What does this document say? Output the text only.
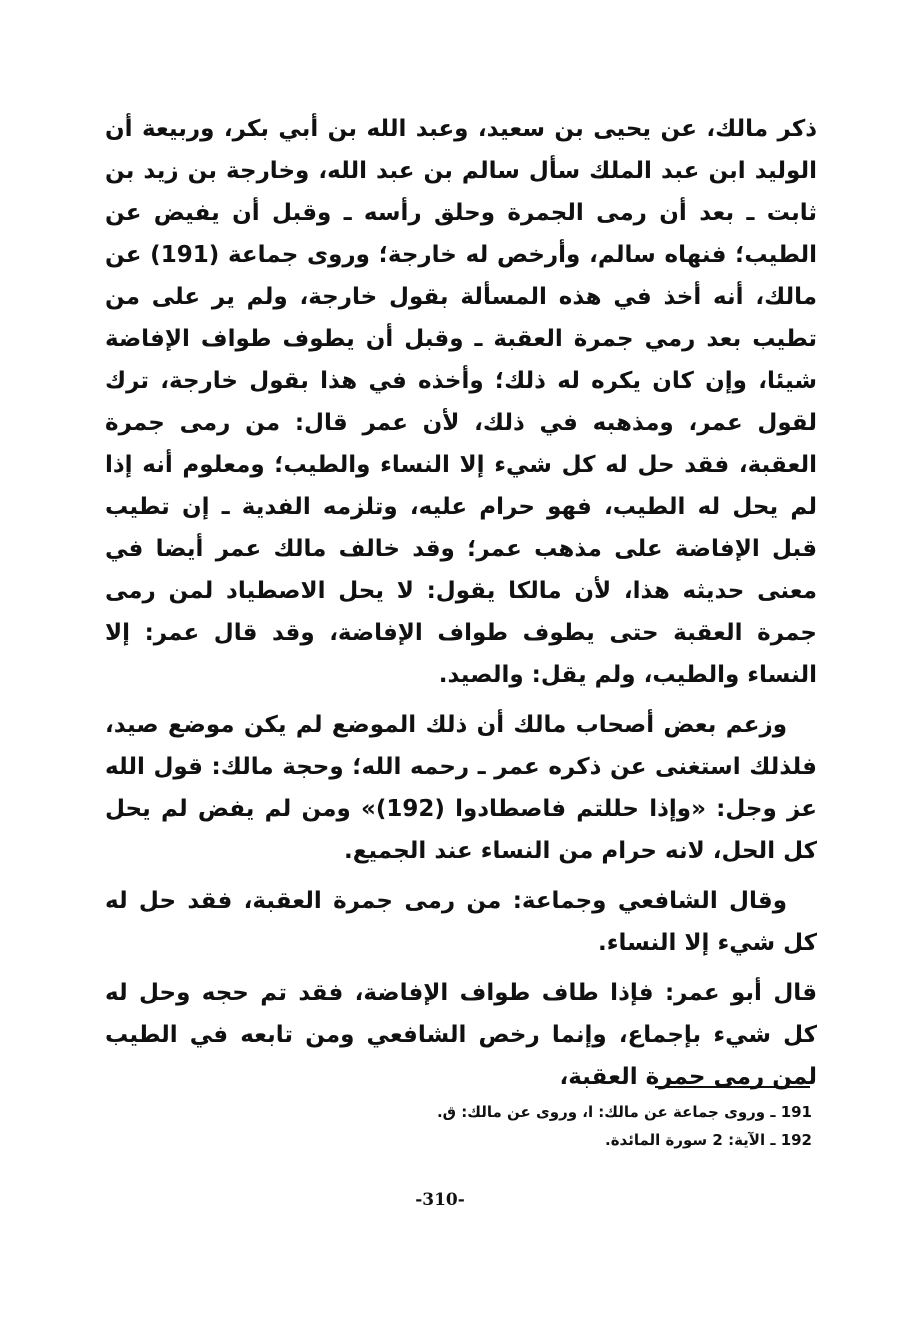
ذكر مالك، عن يحيى بن سعيد، وعبد الله بن أبي بكر، وربيعة أن الوليد ابن عبد الملك سأل سالم بن عبد الله، وخارجة بن زيد بن ثابت ـ بعد أن رمى الجمرة وحلق رأسه ـ وقبل أن يفيض عن الطيب؛ فنهاه سالم، وأرخص له خارجة؛ وروى جماعة (191) عن مالك، أنه أخذ في هذه المسألة بقول خارجة، ولم ير على من تطيب بعد رمي جمرة العقبة ـ وقبل أن يطوف طواف الإفاضة شيئا، وإن كان يكره له ذلك؛ وأخذه في هذا بقول خارجة، ترك لقول عمر، ومذهبه في ذلك، لأن عمر قال: من رمى جمرة العقبة، فقد حل له كل شيء إلا النساء والطيب؛ ومعلوم أنه إذا لم يحل له الطيب، فهو حرام عليه، وتلزمه الفدية ـ إن تطيب قبل الإفاضة على مذهب عمر؛ وقد خالف مالك عمر أيضا في معنى حديثه هذا، لأن مالكا يقول: لا يحل الاصطياد لمن رمى جمرة العقبة حتى يطوف طواف الإفاضة، وقد قال عمر: إلا النساء والطيب، ولم يقل: والصيد.

وزعم بعض أصحاب مالك أن ذلك الموضع لم يكن موضع صيد، فلذلك استغنى عن ذكره عمر ـ رحمه الله؛ وحجة مالك: قول الله عز وجل: «وإذا حللتم فاصطادوا (192)» ومن لم يفض لم يحل كل الحل، لانه حرام من النساء عند الجميع.

وقال الشافعي وجماعة: من رمى جمرة العقبة، فقد حل له كل شيء إلا النساء.

قال أبو عمر: فإذا طاف طواف الإفاضة، فقد تم حجه وحل له كل شيء بإجماع، وإنما رخص الشافعي ومن تابعه في الطيب لمن رمى جمرة العقبة،

191 ـ وروى جماعة عن مالك: ا، وروى عن مالك: ق.
192 ـ الآية: 2 سورة المائدة.
-310-
